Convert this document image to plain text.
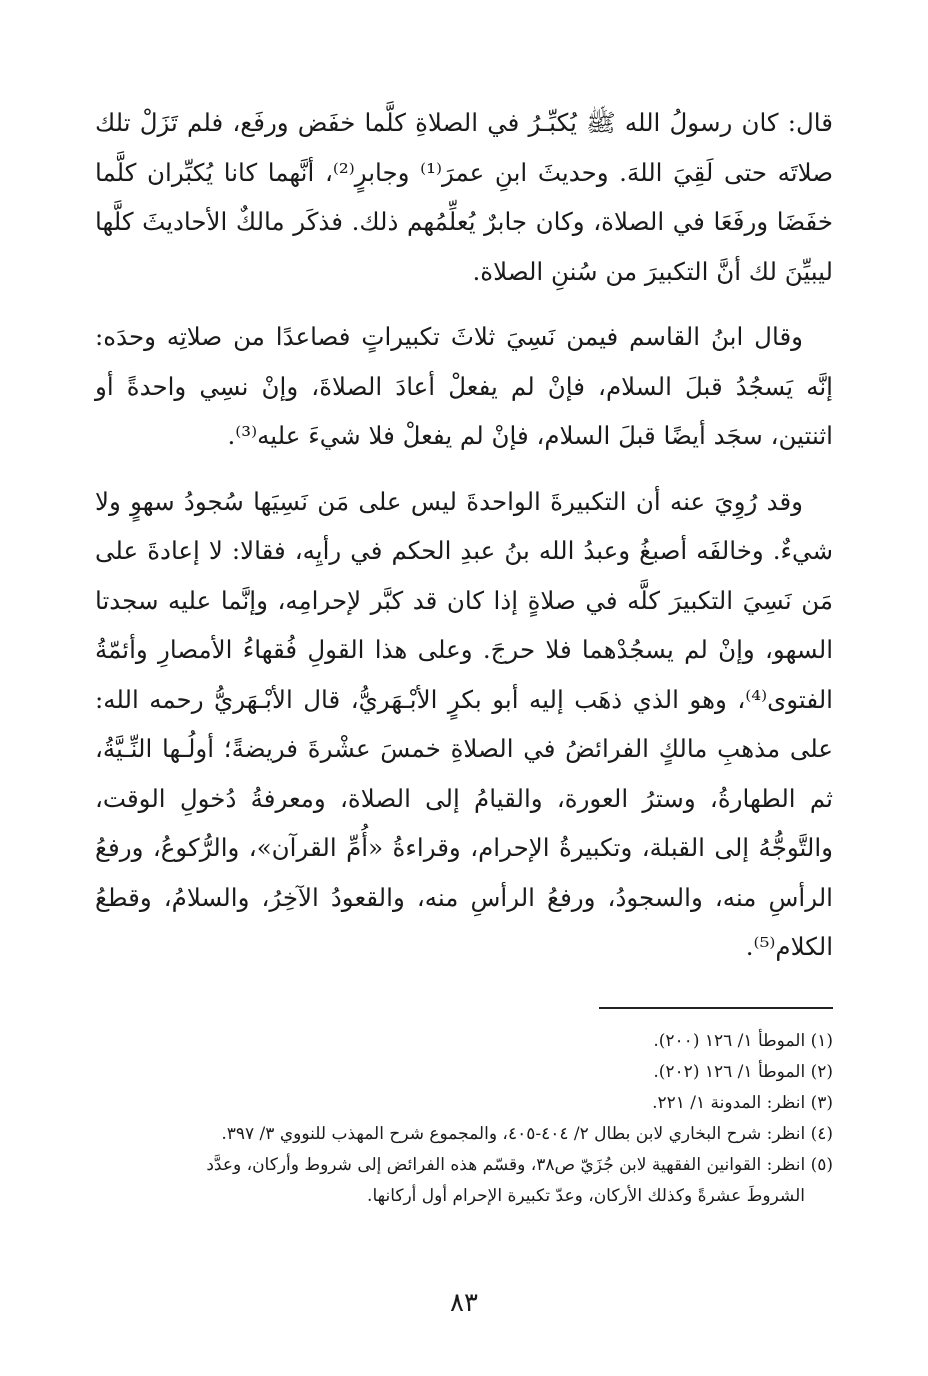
قال: كان رسولُ الله ﷺ يُكبِّـرُ في الصلاةِ كلَّما خفَض ورفَع، فلم تَزَلْ تلك صلاتَه حتى لَقِيَ اللهَ. وحديثَ ابنِ عمرَ⁽¹⁾ وجابرٍ⁽²⁾، أنَّهما كانا يُكبِّران كلَّما خفَضَا ورفَعَا في الصلاة، وكان جابرٌ يُعلِّمُهم ذلك. فذكَر مالكٌ الأحاديثَ كلَّها ليبيِّنَ لك أنَّ التكبيرَ من سُننِ الصلاة.

وقال ابنُ القاسم فيمن نَسِيَ ثلاثَ تكبيراتٍ فصاعدًا من صلاتِه وحدَه: إنَّه يَسجُدُ قبلَ السلام، فإنْ لم يفعلْ أعادَ الصلاةَ، وإنْ نسِي واحدةً أو اثنتين، سجَد أيضًا قبلَ السلام، فإنْ لم يفعلْ فلا شيءَ عليه⁽³⁾.

وقد رُوِيَ عنه أن التكبيرةَ الواحدةَ ليس على مَن نَسِيَها سُجودُ سهوٍ ولا شيءٌ. وخالفَه أصبغُ وعبدُ الله بنُ عبدِ الحكم في رأيِه، فقالا: لا إعادةَ على مَن نَسِيَ التكبيرَ كلَّه في صلاةٍ إذا كان قد كبَّر لإحرامِه، وإنَّما عليه سجدتا السهو، وإنْ لم يسجُدْهما فلا حرجَ. وعلى هذا القولِ فُقهاءُ الأمصارِ وأئمّةُ الفتوى⁽⁴⁾، وهو الذي ذهَب إليه أبو بكرٍ الأبْـهَريُّ، قال الأبْـهَريُّ رحمه الله: على مذهبِ مالكٍ الفرائضُ في الصلاةِ خمسَ عشْرةَ فريضةً؛ أولُـها النِّـيَّةُ، ثم الطهارةُ، وسترُ العورة، والقيامُ إلى الصلاة، ومعرفةُ دُخولِ الوقت، والتَّوجُّهُ إلى القبلة، وتكبيرةُ الإحرام، وقراءةُ «أُمِّ القرآن»، والرُّكوعُ، ورفعُ الرأسِ منه، والسجودُ، ورفعُ الرأسِ منه، والقعودُ الآخِرُ، والسلامُ، وقطعُ الكلام⁽⁵⁾.

(١) الموطأ ١/ ١٢٦ (٢٠٠).

(٢) الموطأ ١/ ١٢٦ (٢٠٢).

(٣) انظر: المدونة ١/ ٢٢١.

(٤) انظر: شرح البخاري لابن بطال ٢/ ٤٠٤-٤٠٥، والمجموع شرح المهذب للنووي ٣/ ٣٩٧.

(٥) انظر: القوانين الفقهية لابن جُزَيّ ص٣٨، وقسّم هذه الفرائض إلى شروط وأركان، وعدَّد
الشروطَ عشرةً وكذلك الأركان، وعدّ تكبيرة الإحرام أول أركانها.

٨٣
